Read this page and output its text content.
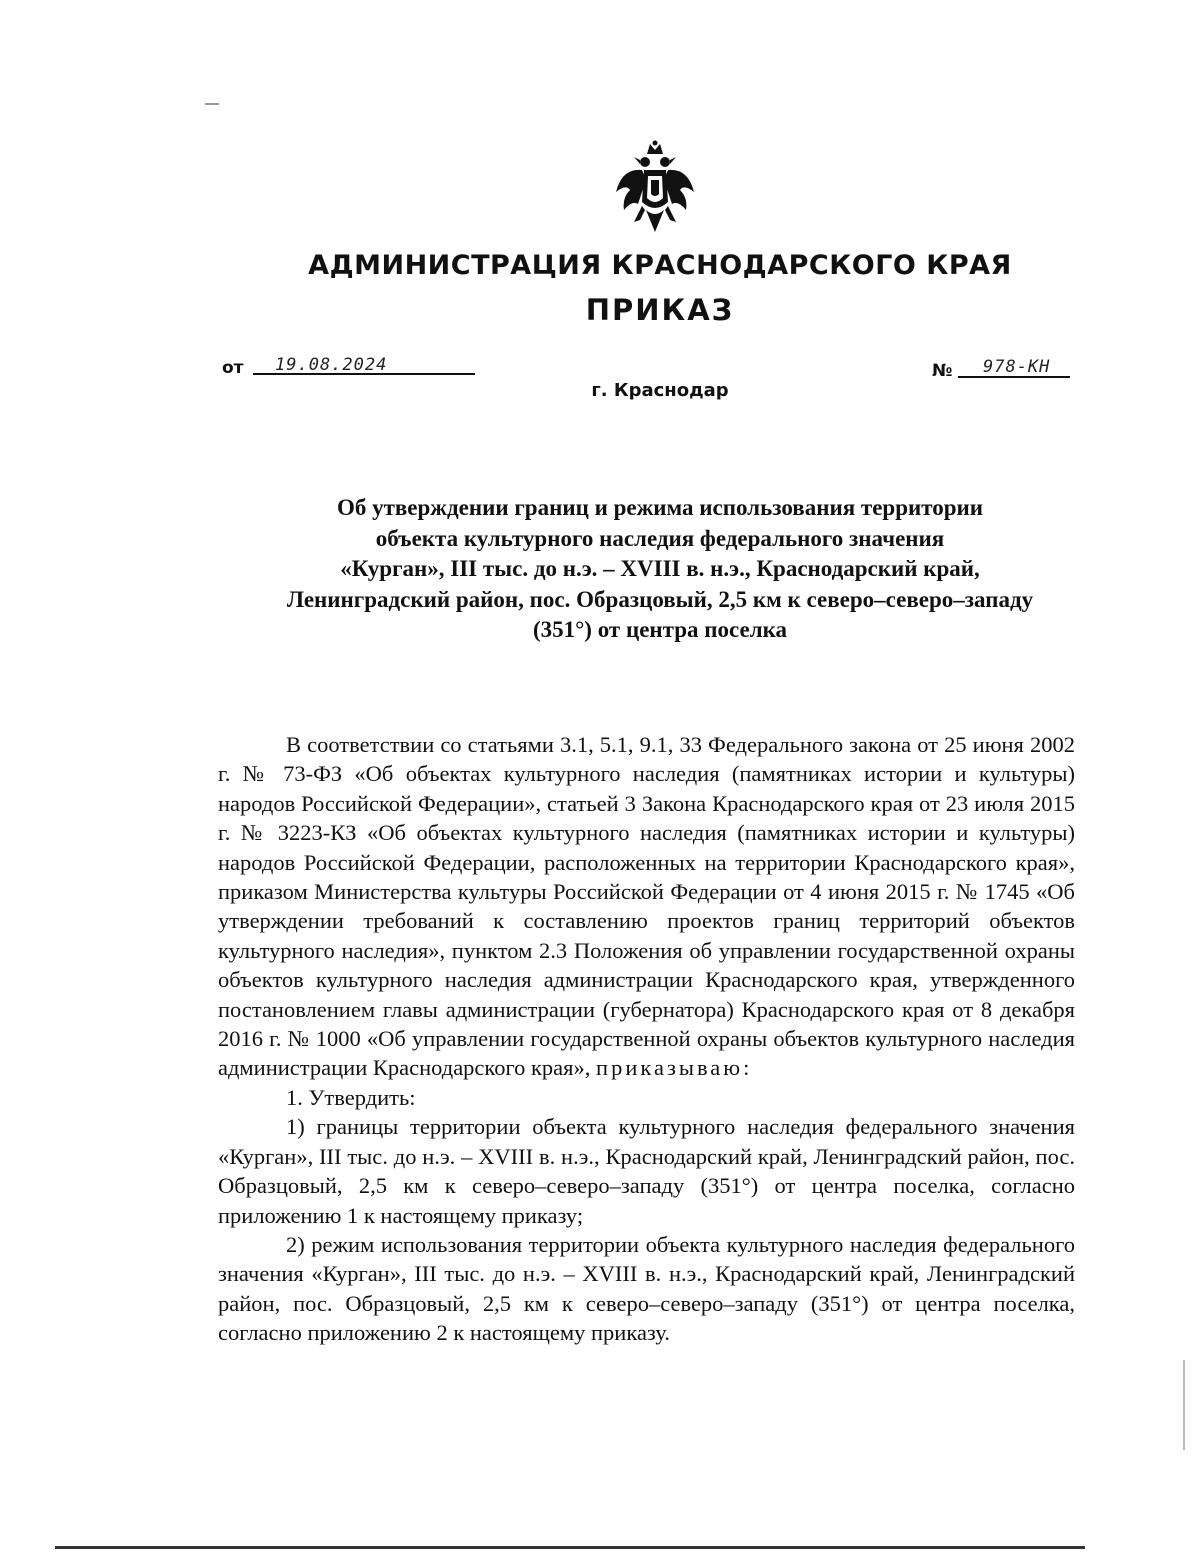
АДМИНИСТРАЦИЯ КРАСНОДАРСКОГО КРАЯ
ПРИКАЗ
от 19.08.2024
г. Краснодар
№ 978-КН
Об утверждении границ и режима использования территории
объекта культурного наследия федерального значения
«Курган», III тыс. до н.э. – XVIII в. н.э., Краснодарский край,
Ленинградский район, пос. Образцовый, 2,5 км к северо–северо–западу
(351°) от центра поселка

В соответствии со статьями 3.1, 5.1, 9.1, 33 Федерального закона от 25 июня 2002 г. № 73-ФЗ «Об объектах культурного наследия (памятниках истории и культуры) народов Российской Федерации», статьей 3 Закона Краснодарского края от 23 июля 2015 г. № 3223-КЗ «Об объектах культурного наследия (памятниках истории и культуры) народов Российской Федерации, расположенных на территории Краснодарского края», приказом Министерства культуры Российской Федерации от 4 июня 2015 г. № 1745 «Об утверждении требований к составлению проектов границ территорий объектов культурного наследия», пунктом 2.3 Положения об управлении государственной охраны объектов культурного наследия администрации Краснодарского края, утвержденного постановлением главы администрации (губернатора) Краснодарского края от 8 декабря 2016 г. № 1000 «Об управлении государственной охраны объектов культурного наследия администрации Краснодарского края», приказываю:

1. Утвердить:

1) границы территории объекта культурного наследия федерального значения «Курган», III тыс. до н.э. – XVIII в. н.э., Краснодарский край, Ленинградский район, пос. Образцовый, 2,5 км к северо–северо–западу (351°) от центра поселка, согласно приложению 1 к настоящему приказу;

2) режим использования территории объекта культурного наследия федерального значения «Курган», III тыс. до н.э. – XVIII в. н.э., Краснодарский край, Ленинградский район, пос. Образцовый, 2,5 км к северо–северо–западу (351°) от центра поселка, согласно приложению 2 к настоящему приказу.
